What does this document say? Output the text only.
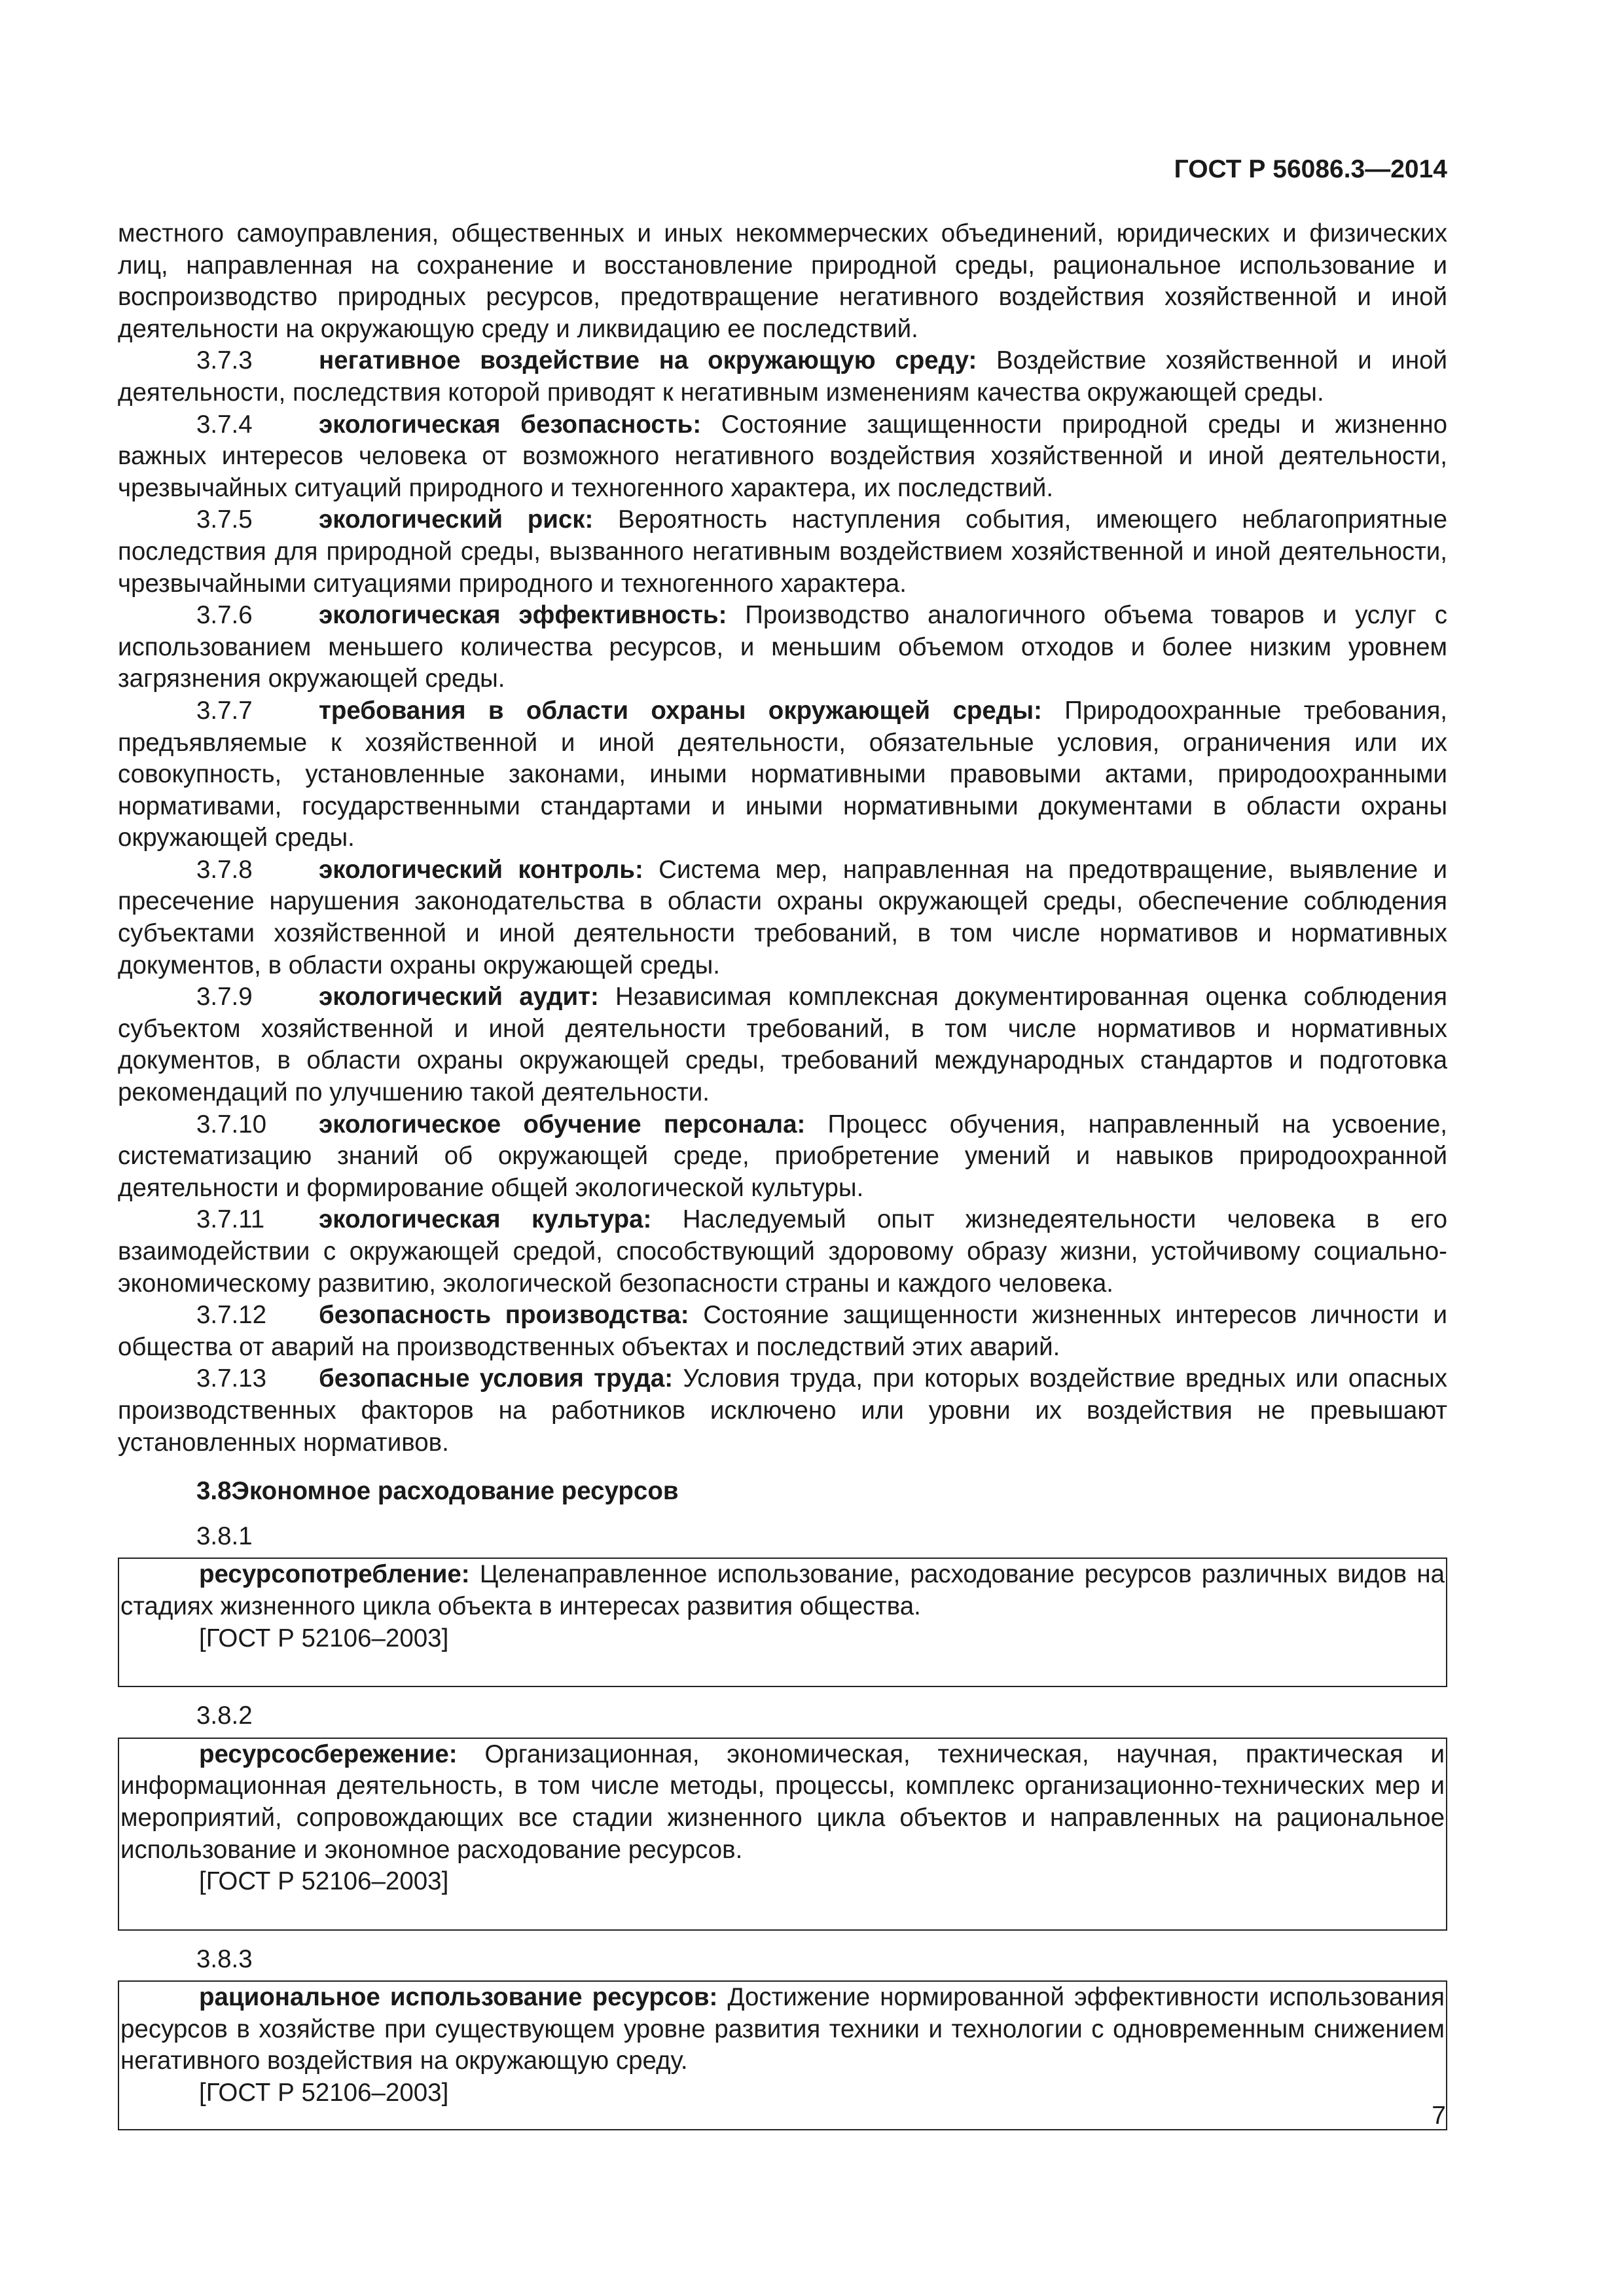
ГОСТ Р 56086.3—2014

местного самоуправления, общественных и иных некоммерческих объединений, юридических и физических лиц, направленная на сохранение и восстановление природной среды, рациональное использование и воспроизводство природных ресурсов, предотвращение негативного воздействия хозяйственной и иной деятельности на окружающую среду и ликвидацию ее последствий.

3.7.3	негативное воздействие на окружающую среду: Воздействие хозяйственной и иной деятельности, последствия которой приводят к негативным изменениям качества окружающей среды.

3.7.4	экологическая безопасность: Состояние защищенности природной среды и жизненно важных интересов человека от возможного негативного воздействия хозяйственной и иной деятельности, чрезвычайных ситуаций природного и техногенного характера, их последствий.

3.7.5	экологический риск: Вероятность наступления события, имеющего неблагоприятные последствия для природной среды, вызванного негативным воздействием хозяйственной и иной деятельности, чрезвычайными ситуациями природного и техногенного характера.

3.7.6	экологическая эффективность: Производство аналогичного объема товаров и услуг с использованием меньшего количества ресурсов, и меньшим объемом отходов и более низким уровнем загрязнения окружающей среды.

3.7.7	требования в области охраны окружающей среды: Природоохранные требования, предъявляемые к хозяйственной и иной деятельности, обязательные условия, ограничения или их совокупность, установленные законами, иными нормативными правовыми актами, природоохранными нормативами, государственными стандартами и иными нормативными документами в области охраны окружающей среды.

3.7.8	экологический контроль: Система мер, направленная на предотвращение, выявление и пресечение нарушения законодательства в области охраны окружающей среды, обеспечение соблюдения субъектами хозяйственной и иной деятельности требований, в том числе нормативов и нормативных документов, в области охраны окружающей среды.

3.7.9	экологический аудит: Независимая комплексная документированная оценка соблюдения субъектом хозяйственной и иной деятельности требований, в том числе нормативов и нормативных документов, в области охраны окружающей среды, требований международных стандартов и подготовка рекомендаций по улучшению такой деятельности.

3.7.10 экологическое обучение персонала: Процесс обучения, направленный на усвоение, систематизацию знаний об окружающей среде, приобретение умений и навыков природоохранной деятельности и формирование общей экологической культуры.

3.7.11 экологическая культура: Наследуемый опыт жизнедеятельности человека в его взаимодействии с окружающей средой, способствующий здоровому образу жизни, устойчивому социально-экономическому развитию, экологической безопасности страны и каждого человека.

3.7.12 безопасность производства: Состояние защищенности жизненных интересов личности и общества от аварий на производственных объектах и последствий этих аварий.

3.7.13 безопасные условия труда: Условия труда, при которых воздействие вредных или опасных производственных факторов на работников исключено или уровни их воздействия не превышают установленных нормативов.

3.8Экономное расходование ресурсов
3.8.1

ресурсопотребление: Целенаправленное использование, расходование ресурсов различных видов на стадиях жизненного цикла объекта в интересах развития общества.

[ГОСТ Р 52106–2003]
3.8.2

ресурсосбережение: Организационная, экономическая, техническая, научная, практическая и информационная деятельность, в том числе методы, процессы, комплекс организационно-технических мер и мероприятий, сопровождающих все стадии жизненного цикла объектов и направленных на рациональное использование и экономное расходование ресурсов.

[ГОСТ Р 52106–2003]
3.8.3

рациональное использование ресурсов: Достижение нормированной эффективности использования ресурсов в хозяйстве при существующем уровне развития техники и технологии с одновременным снижением негативного воздействия на окружающую среду.

[ГОСТ Р 52106–2003]
7
